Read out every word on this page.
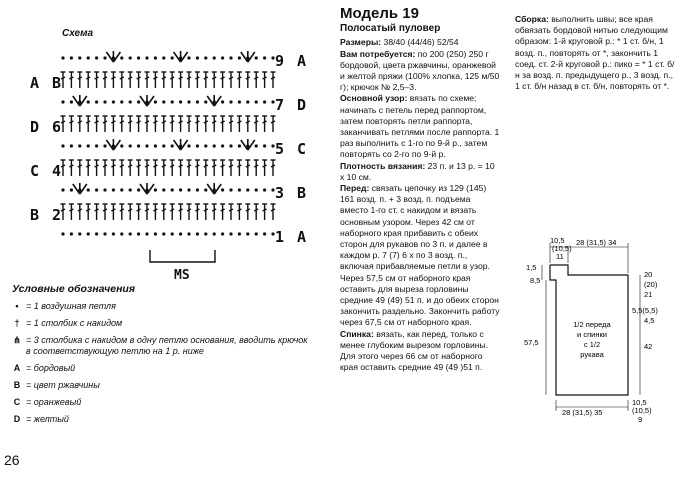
Схема
A B
D 6
C 4
B 2
9 A
7 D
5 C
3 B
1 A
MS
Условные обозначения
• = 1 воздушная петля
† = 1 столбик с накидом
⋔ = 3 столбика с накидом в одну петлю основания, вводить крючок в соответствующую петлю на 1 р. ниже
A = бордовый
B = цвет ржавчины
C = оранжевый
D = желтый
26
Модель 19
Полосатый пуловер

Размеры: 38/40 (44/46) 52/54

Вам потребуется: по 200 (250) 250 г бордовой, цвета ржавчины, оранжевой и желтой пряжи (100% хлопка, 125 м/50 г); крючок № 2,5–3.

Основной узор: вязать по схеме; начинать с петель перед раппортом, затем повторять петли раппорта, заканчивать петлями после раппорта. 1 раз выполнить с 1-го по 9-й р., затем повторять со 2-го по 9-й р.

Плотность вязания: 23 п. и 13 р. = 10 х 10 см.

Перед: связать цепочку из 129 (145) 161 возд. п. + 3 возд. п. подъема вместо 1-го ст. с накидом и вязать основным узором. Через 42 см от наборного края прибавить с обеих сторон для рукавов по 3 п. и далее в каждом р. 7 (7) 6 х по 3 возд. п., включая прибавляемые петли в узор. Через 57,5 см от наборного края оставить для выреза горловины средние 49 (49) 51 п. и до обеих сторон закончить раздельно. Закончить работу через 67,5 см от наборного края.

Спинка: вязать, как перед, только с менее глубоким вырезом горловины. Для этого через 66 см от наборного края оставить средние 49 (49 )51 п.

Сборка: выполнить швы; все края обвязать бордовой нитью следующим образом: 1-й круговой р.: * 1 ст. б/н, 1 возд. п., повторять от *, закончить 1 соед. ст. 2-й круговой р.: пико = * 1 ст. б/н за возд. п. предыдущего р., 3 возд. п., 1 ст. б/н назад в ст. б/н, повторять от *.
10,5
(10,5)
11
28 (31,5) 34
1,5
8,5
20
(20)
21
5,5(5,5)
4,5
42
57,5
1/2 переда
и спинки
с 1/2
рукава
28 (31,5) 35
10,5
(10,5)
9
